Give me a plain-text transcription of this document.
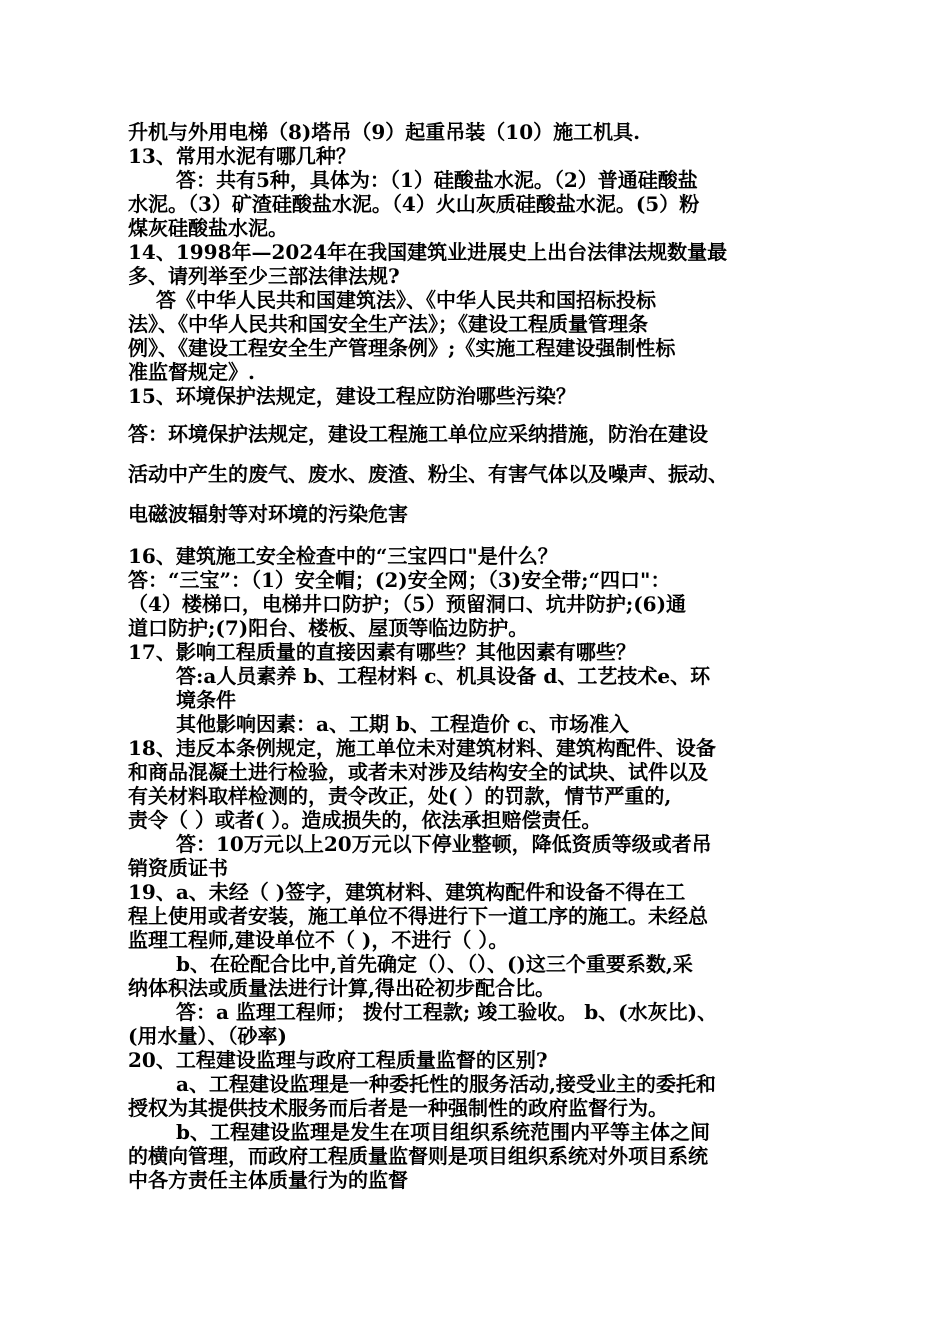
升机与外用电梯（8)塔吊（9）起重吊装（10）施工机具.
13、常用水泥有哪几种？
答：共有5种，具体为：（1）硅酸盐水泥。（2）普通硅酸盐
水泥。（3）矿渣硅酸盐水泥。（4）火山灰质硅酸盐水泥。(5）粉
煤灰硅酸盐水泥。
14、1998年—2024年在我国建筑业进展史上出台法律法规数量最
多、请列举至少三部法律法规?
答《中华人民共和国建筑法》、《中华人民共和国招标投标
法》、《中华人民共和国安全生产法》；《建设工程质量管理条
例》、《建设工程安全生产管理条例》;《实施工程建设强制性标
准监督规定》.
15、环境保护法规定，建设工程应防治哪些污染？
答：环境保护法规定，建设工程施工单位应采纳措施，防治在建设
活动中产生的废气、废水、废渣、粉尘、有害气体以及噪声、振动、
电磁波辐射等对环境的污染危害
16、建筑施工安全检查中的“三宝四口"是什么？
答：“三宝”：（1）安全帽；(2)安全网；（3)安全带;“四口"：
（4）楼梯口，电梯井口防护；（5）预留洞口、坑井防护;(6)通
道口防护;(7)阳台、楼板、屋顶等临边防护。
17、影响工程质量的直接因素有哪些？其他因素有哪些？
答:a人员素养 b、工程材料 c、机具设备 d、工艺技术e、环
境条件
其他影响因素：a、工期 b、工程造价 c、市场准入
18、违反本条例规定，施工单位未对建筑材料、建筑构配件、设备
和商品混凝土进行检验，或者未对涉及结构安全的试块、试件以及
有关材料取样检测的，责令改正，处( ）的罚款，情节严重的,
责令（ ）或者( ）。造成损失的，依法承担赔偿责任。
答：10万元以上20万元以下停业整顿，降低资质等级或者吊
销资质证书
19、a、未经（ )签字，建筑材料、建筑构配件和设备不得在工
程上使用或者安装，施工单位不得进行下一道工序的施工。未经总
监理工程师,建设单位不（ )，不进行（ ）。
b、在砼配合比中,首先确定（）、（）、()这三个重要系数,采
纳体积法或质量法进行计算,得出砼初步配合比。
答：a 监理工程师； 拨付工程款; 竣工验收。 b、(水灰比)、
(用水量）、（砂率)
20、工程建设监理与政府工程质量监督的区别?
a、工程建设监理是一种委托性的服务活动,接受业主的委托和
授权为其提供技术服务而后者是一种强制性的政府监督行为。
b、工程建设监理是发生在项目组织系统范围内平等主体之间
的横向管理，而政府工程质量监督则是项目组织系统对外项目系统
中各方责任主体质量行为的监督
